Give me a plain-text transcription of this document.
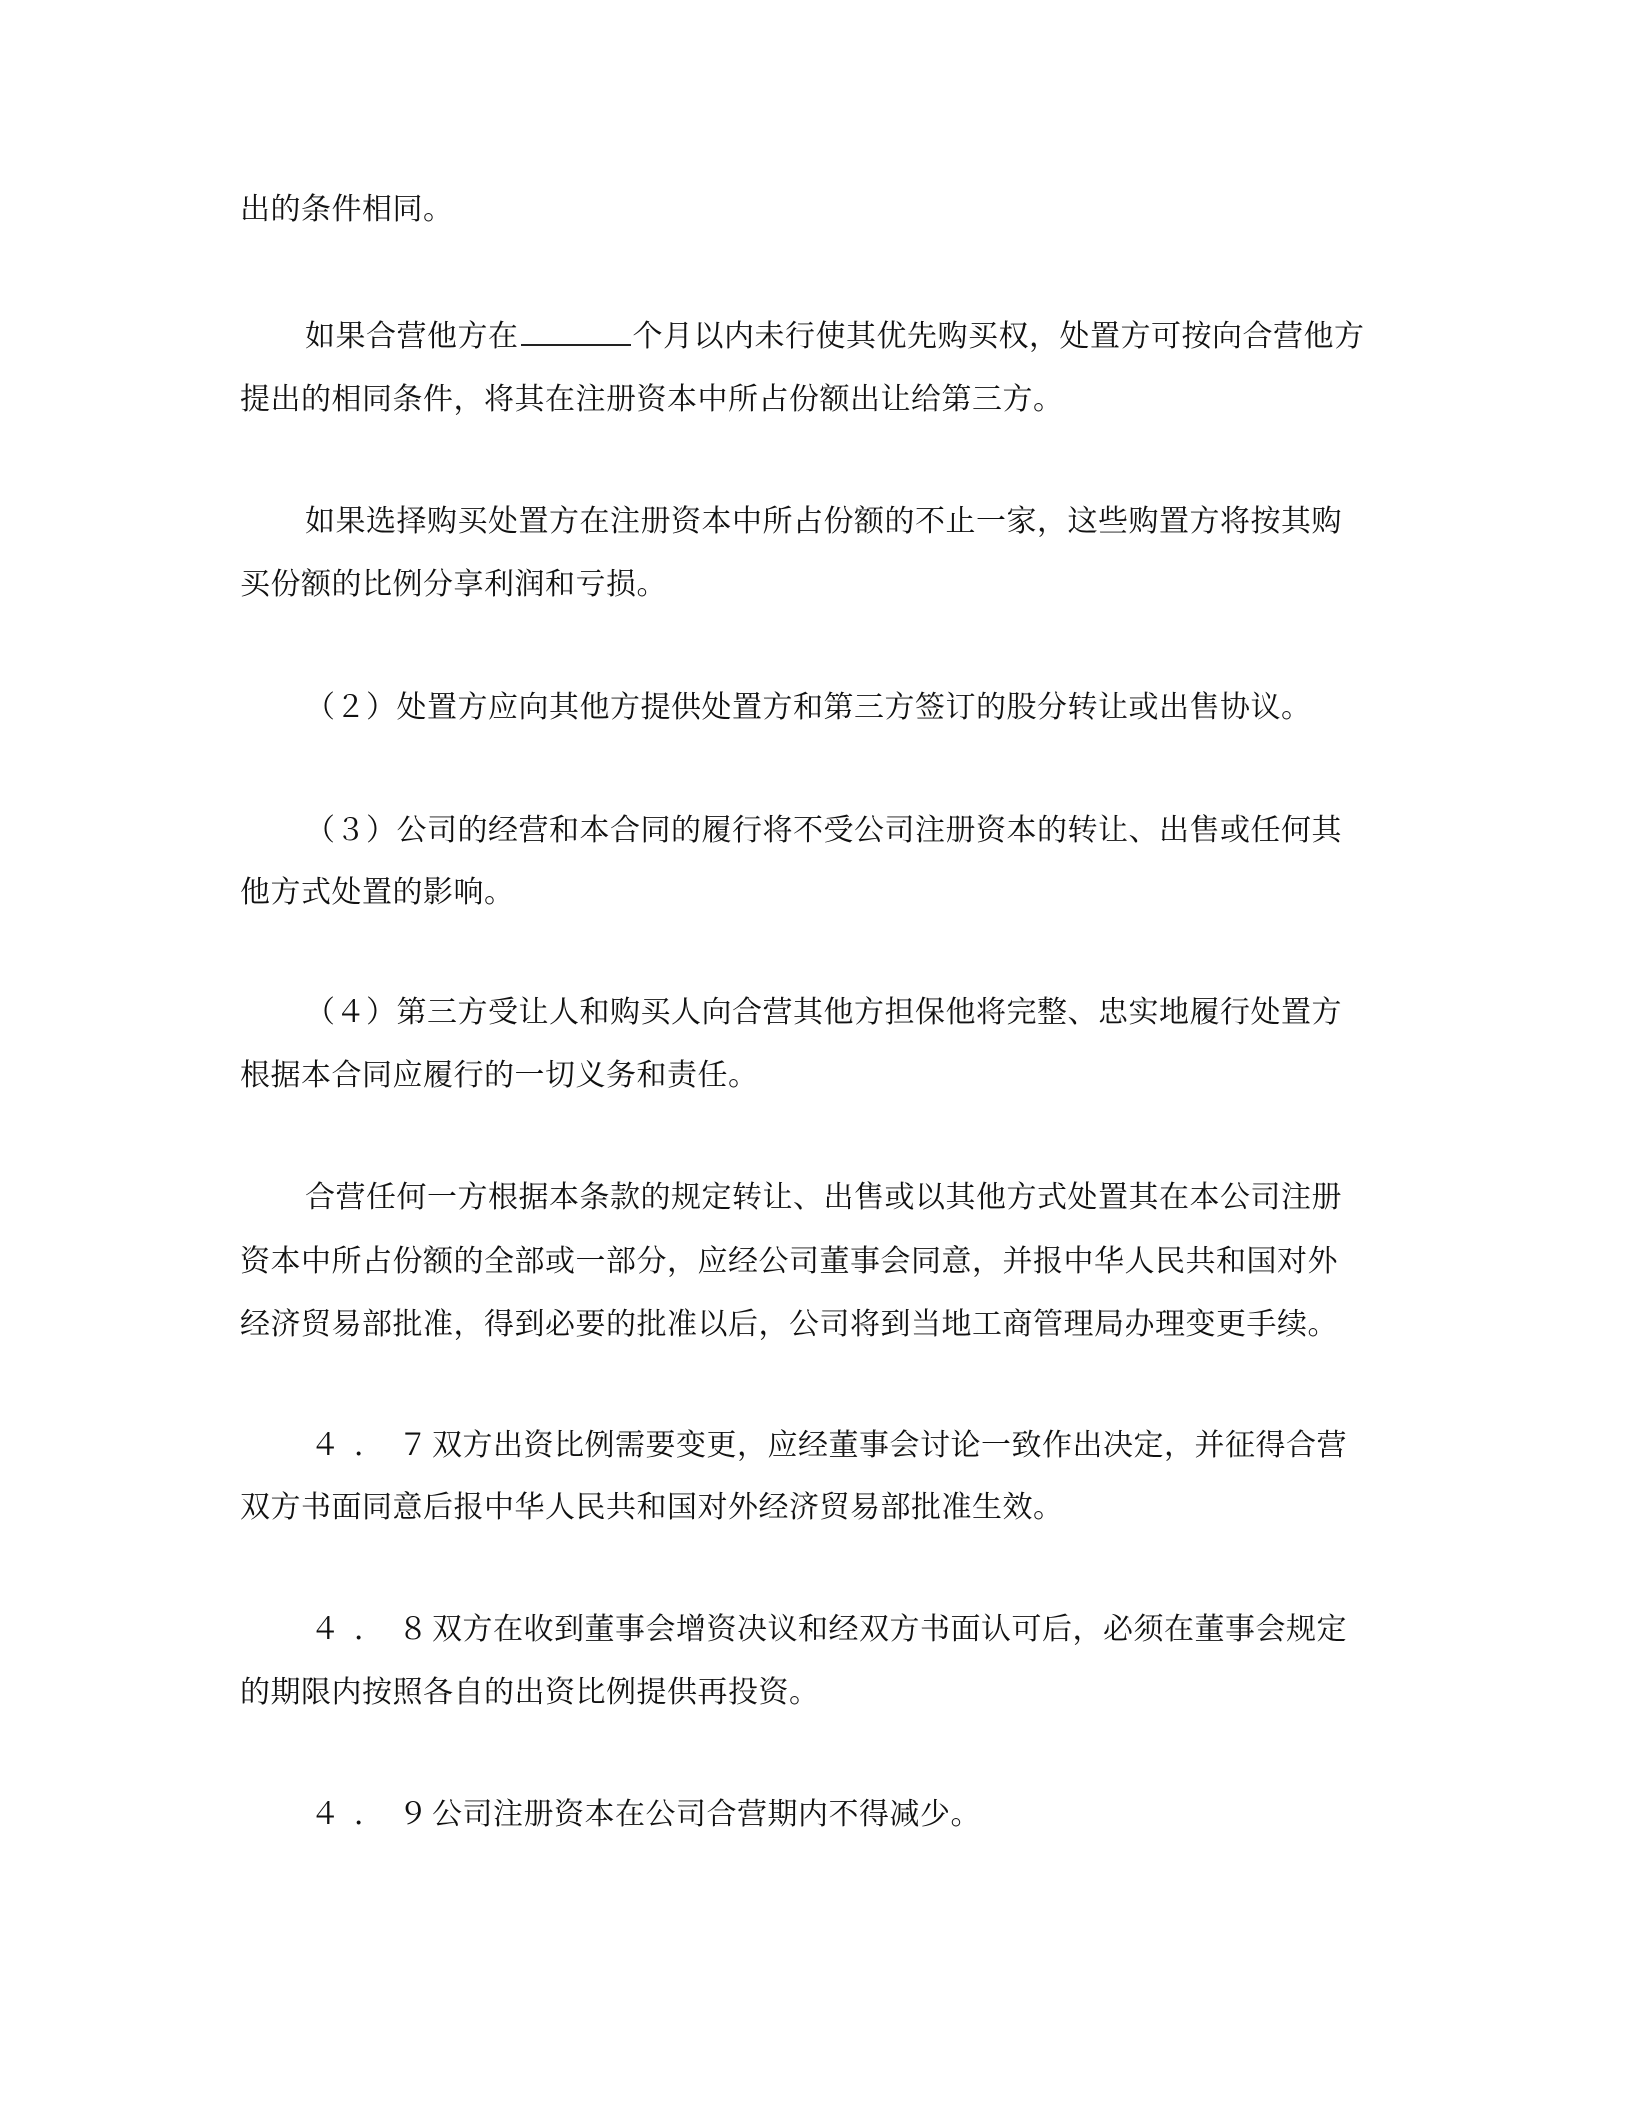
出的条件相同。
如果合营他方在	个月以内未行使其优先购买权，处置方可按向合营他方
提出的相同条件，将其在注册资本中所占份额出让给第三方。
如果选择购买处置方在注册资本中所占份额的不止一家，这些购置方将按其购
买份额的比例分享利润和亏损。
（２）处置方应向其他方提供处置方和第三方签订的股分转让或出售协议。
（３）公司的经营和本合同的履行将不受公司注册资本的转让、出售或任何其
他方式处置的影响。
（４）第三方受让人和购买人向合营其他方担保他将完整、忠实地履行处置方
根据本合同应履行的一切义务和责任。
合营任何一方根据本条款的规定转让、出售或以其他方式处置其在本公司注册
资本中所占份额的全部或一部分，应经公司董事会同意，并报中华人民共和国对外
经济贸易部批准，得到必要的批准以后，公司将到当地工商管理局办理变更手续。
４．７双方出资比例需要变更，应经董事会讨论一致作出决定，并征得合营
双方书面同意后报中华人民共和国对外经济贸易部批准生效。
４．８双方在收到董事会增资决议和经双方书面认可后，必须在董事会规定
的期限内按照各自的出资比例提供再投资。
４．９公司注册资本在公司合营期内不得减少。
